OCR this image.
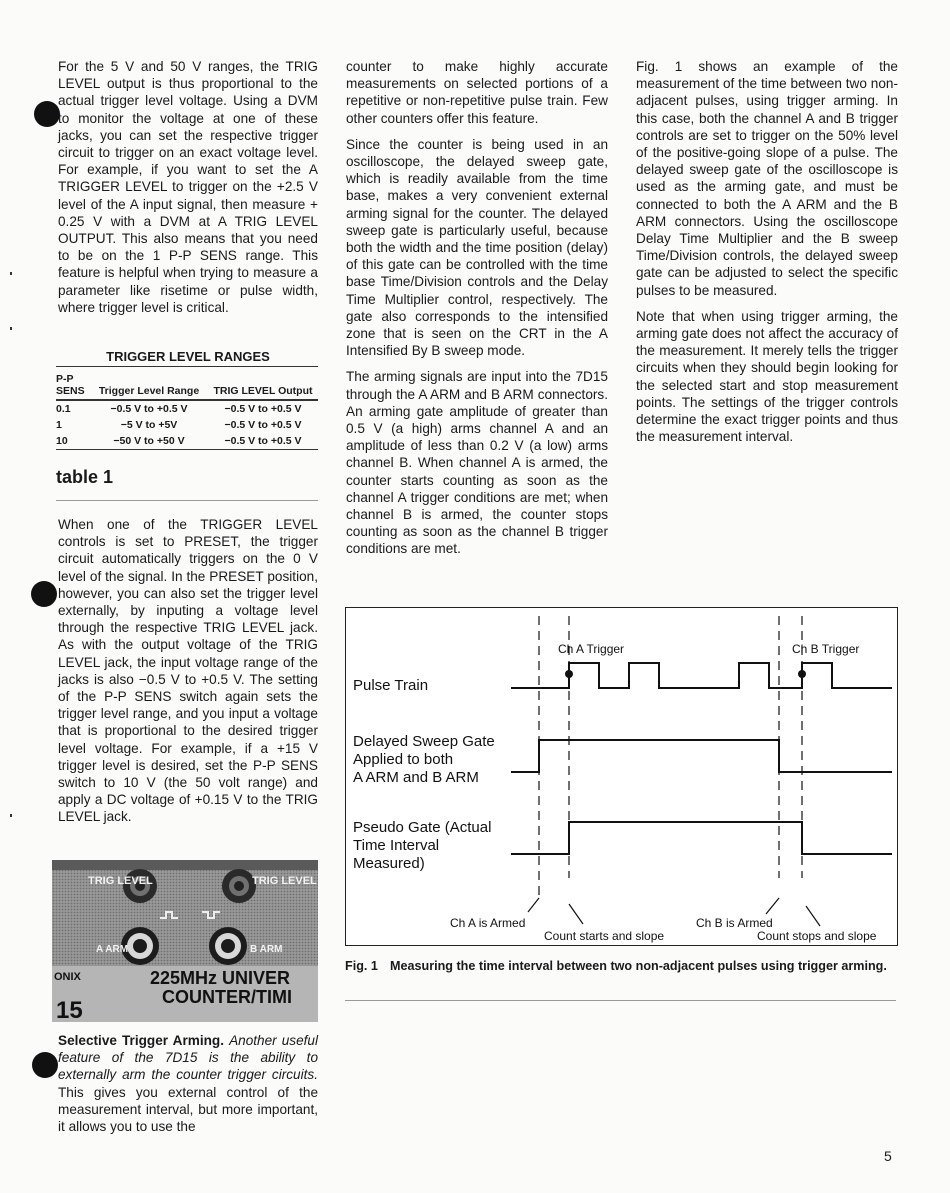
For the 5 V and 50 V ranges, the TRIG LEVEL output is thus proportional to the actual trigger level voltage. Using a DVM to monitor the voltage at one of these jacks, you can set the respective trigger circuit to trigger on an exact voltage level. For example, if you want to set the A TRIGGER LEVEL to trigger on the +2.5 V level of the A input signal, then measure + 0.25 V with a DVM at A TRIG LEVEL OUTPUT. This also means that you need to be on the 1 P-P SENS range. This feature is helpful when trying to measure a parameter like risetime or pulse width, where trigger level is critical.

TRIGGER LEVEL RANGES
P-P SENS	Trigger Level Range	TRIG LEVEL Output
0.1	−0.5 V to +0.5 V	−0.5 V to +0.5 V
1	−5 V to +5V	−0.5 V to +0.5 V
10	−50 V to +50 V	−0.5 V to +0.5 V
table 1

When one of the TRIGGER LEVEL controls is set to PRESET, the trigger circuit automatically triggers on the 0 V level of the signal. In the PRESET position, however, you can also set the trigger level externally, by inputing a voltage level through the respective TRIG LEVEL jack. As with the output voltage of the TRIG LEVEL jack, the input voltage range of the jacks is also −0.5 V to +0.5 V. The setting of the P-P SENS switch again sets the trigger level range, and you input a voltage that is proportional to the desired trigger level voltage. For example, if a +15 V trigger level is desired, set the P-P SENS switch to 10 V (the 50 volt range) and apply a DC voltage of +0.15 V to the TRIG LEVEL jack.

TRIG LEVEL	TRIG LEVEL
A ARM	B ARM
ONIX	225MHz UNIVER
COUNTER/TIMI
15
Selective Trigger Arming. Another useful feature of the 7D15 is the ability to externally arm the counter trigger circuits. This gives you external control of the measurement interval, but more important, it allows you to use the

counter to make highly accurate measurements on selected portions of a repetitive or non-repetitive pulse train. Few other counters offer this feature.

Since the counter is being used in an oscilloscope, the delayed sweep gate, which is readily available from the time base, makes a very convenient external arming signal for the counter. The delayed sweep gate is particularly useful, because both the width and the time position (delay) of this gate can be controlled with the time base Time/Division controls and the Delay Time Multiplier control, respectively. The gate also corresponds to the intensified zone that is seen on the CRT in the A Intensified By B sweep mode.

The arming signals are input into the 7D15 through the A ARM and B ARM connectors. An arming gate amplitude of greater than 0.5 V (a high) arms channel A and an amplitude of less than 0.2 V (a low) arms channel B. When channel A is armed, the counter starts counting as soon as the channel A trigger conditions are met; when channel B is armed, the counter stops counting as soon as the channel B trigger conditions are met.

Fig. 1 shows an example of the measurement of the time between two non-adjacent pulses, using trigger arming. In this case, both the channel A and B trigger controls are set to trigger on the 50% level of the positive-going slope of a pulse. The delayed sweep gate of the oscilloscope is used as the arming gate, and must be connected to both the A ARM and the B ARM connectors. Using the oscilloscope Delay Time Multiplier and the B sweep Time/Division controls, the delayed sweep gate can be adjusted to select the specific pulses to be measured.

Note that when using trigger arming, the arming gate does not affect the accuracy of the measurement. It merely tells the trigger circuits when they should begin looking for the selected start and stop measurement points. The settings of the trigger controls determine the exact trigger points and thus the measurement interval.

Ch A Trigger	Ch B Trigger
Pulse Train
Delayed Sweep Gate
Applied to both
A ARM and B ARM
Pseudo Gate (Actual
Time Interval
Measured)
Ch A is Armed
Count starts and slope
Ch B is Armed
Count stops and slope
Fig. 1 Measuring the time interval between two non-adjacent pulses using trigger arming.
5
